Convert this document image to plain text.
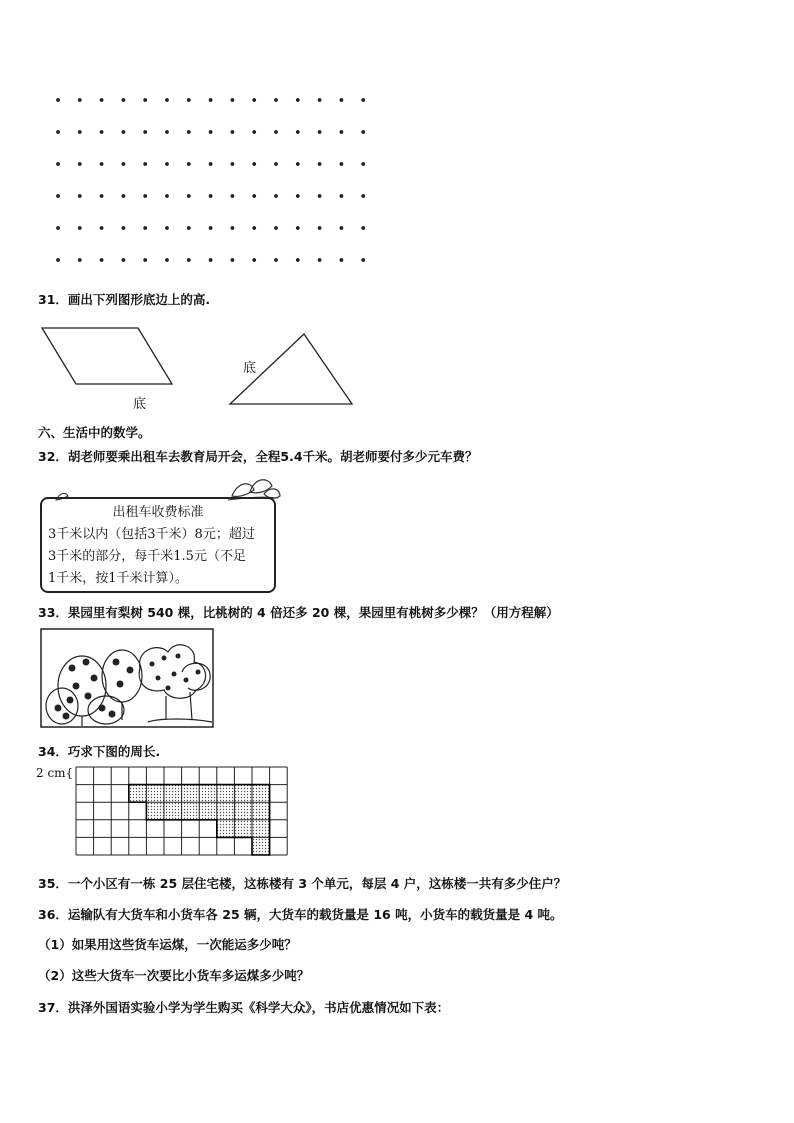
31．画出下列图形底边上的高.
底
底
六、生活中的数学。
32．胡老师要乘出租车去教育局开会，全程5.4千米。胡老师要付多少元车费？
出租车收费标准
3千米以内（包括3千米）8元；超过
3千米的部分，每千米1.5元（不足
1千米，按1千米计算）。
33．果园里有梨树 540 棵，比桃树的 4 倍还多 20 棵，果园里有桃树多少棵？（用方程解）
34．巧求下图的周长.
2 cm{
35．一个小区有一栋 25 层住宅楼，这栋楼有 3 个单元，每层 4 户，这栋楼一共有多少住户？
36．运输队有大货车和小货车各 25 辆，大货车的载货量是 16 吨，小货车的载货量是 4 吨。
（1）如果用这些货车运煤，一次能运多少吨？
（2）这些大货车一次要比小货车多运煤多少吨？
37．洪泽外国语实验小学为学生购买《科学大众》，书店优惠情况如下表：
